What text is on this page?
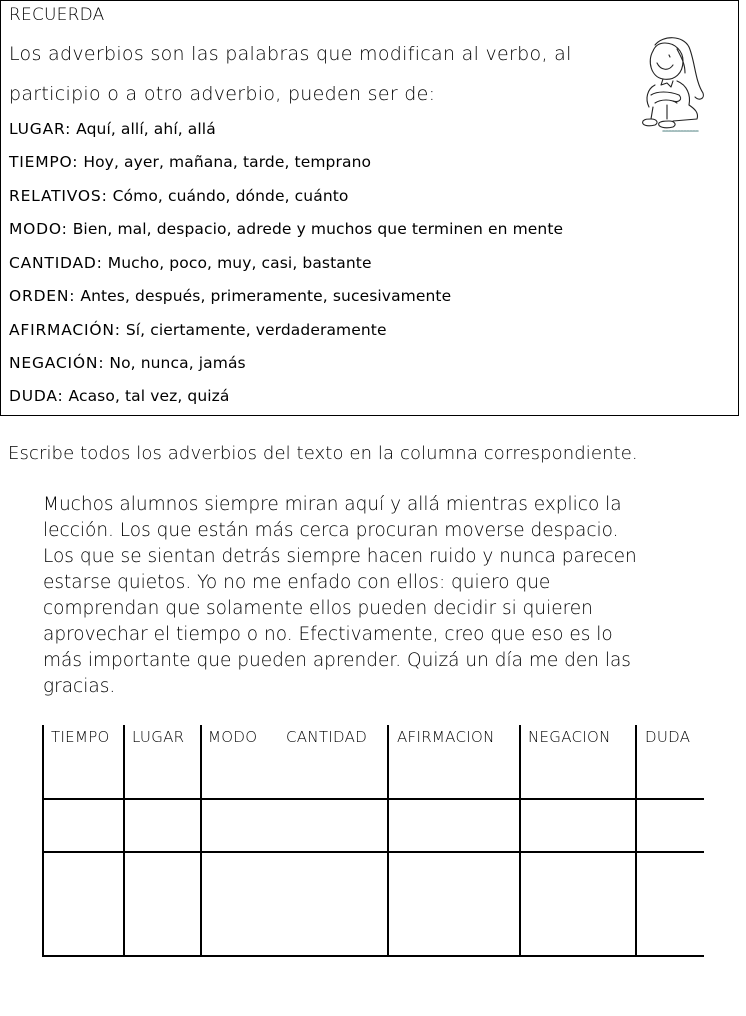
RECUERDA
Los adverbios son las palabras que modifican al verbo, al
participio o a otro adverbio, pueden ser de:
LUGAR: Aquí, allí, ahí, allá
TIEMPO: Hoy, ayer, mañana, tarde, temprano
RELATIVOS: Cómo, cuándo, dónde, cuánto
MODO: Bien, mal, despacio, adrede y muchos que terminen en mente
CANTIDAD: Mucho, poco, muy, casi, bastante
ORDEN: Antes, después, primeramente, sucesivamente
AFIRMACIÓN: Sí, ciertamente, verdaderamente
NEGACIÓN: No, nunca, jamás
DUDA: Acaso, tal vez, quizá
Escribe todos los adverbios del texto en la columna correspondiente.
Muchos alumnos siempre miran aquí y allá mientras explico la
lección. Los que están más cerca procuran moverse despacio.
Los que se sientan detrás siempre hacen ruido y nunca parecen
estarse quietos. Yo no me enfado con ellos: quiero que
comprendan que solamente ellos pueden decidir si quieren
aprovechar el tiempo o no. Efectivamente, creo que eso es lo
más importante que pueden aprender. Quizá un día me den las
gracias.
TIEMPO LUGAR MODO CANTIDAD AFIRMACION NEGACION DUDA
